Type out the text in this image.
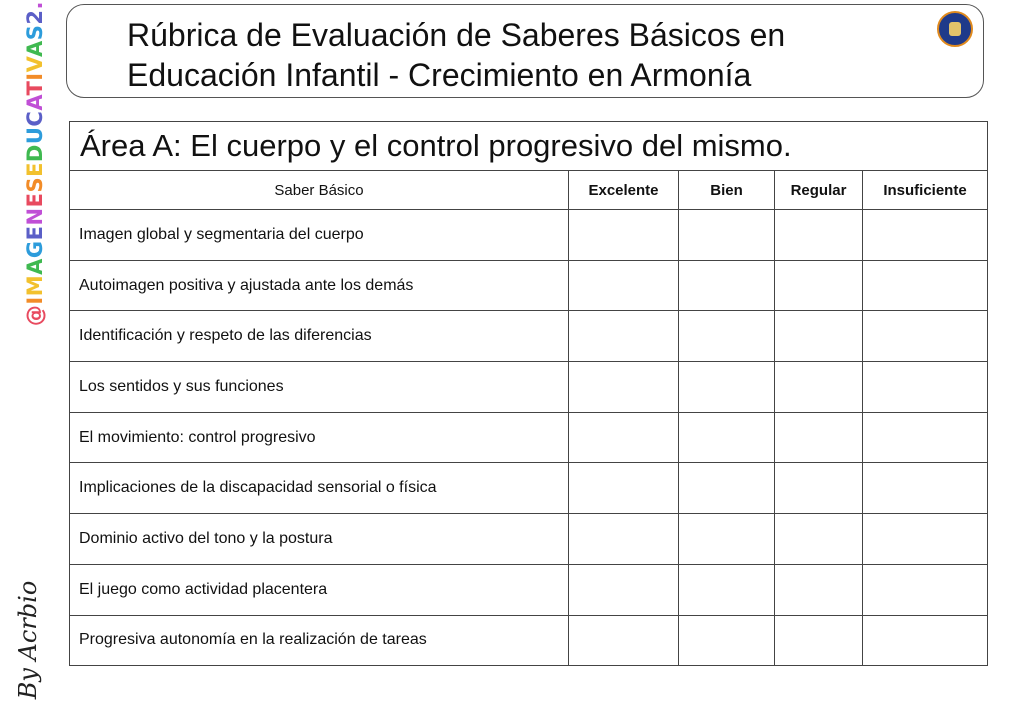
@IMAGENESEDUCATIVAS2.
By Acrbio
Rúbrica de Evaluación de Saberes Básicos en
Educación Infantil - Crecimiento en Armonía
Área A: El cuerpo y el control progresivo del mismo.				
Saber Básico	Excelente	Bien	Regular	Insuficiente
Imagen global y segmentaria del cuerpo				
Autoimagen positiva y ajustada ante los demás				
Identificación y respeto de las diferencias				
Los sentidos y sus funciones				
El movimiento: control progresivo				
Implicaciones de la discapacidad sensorial o física				
Dominio activo del tono y la postura				
El juego como actividad placentera				
Progresiva autonomía en la realización de tareas				
